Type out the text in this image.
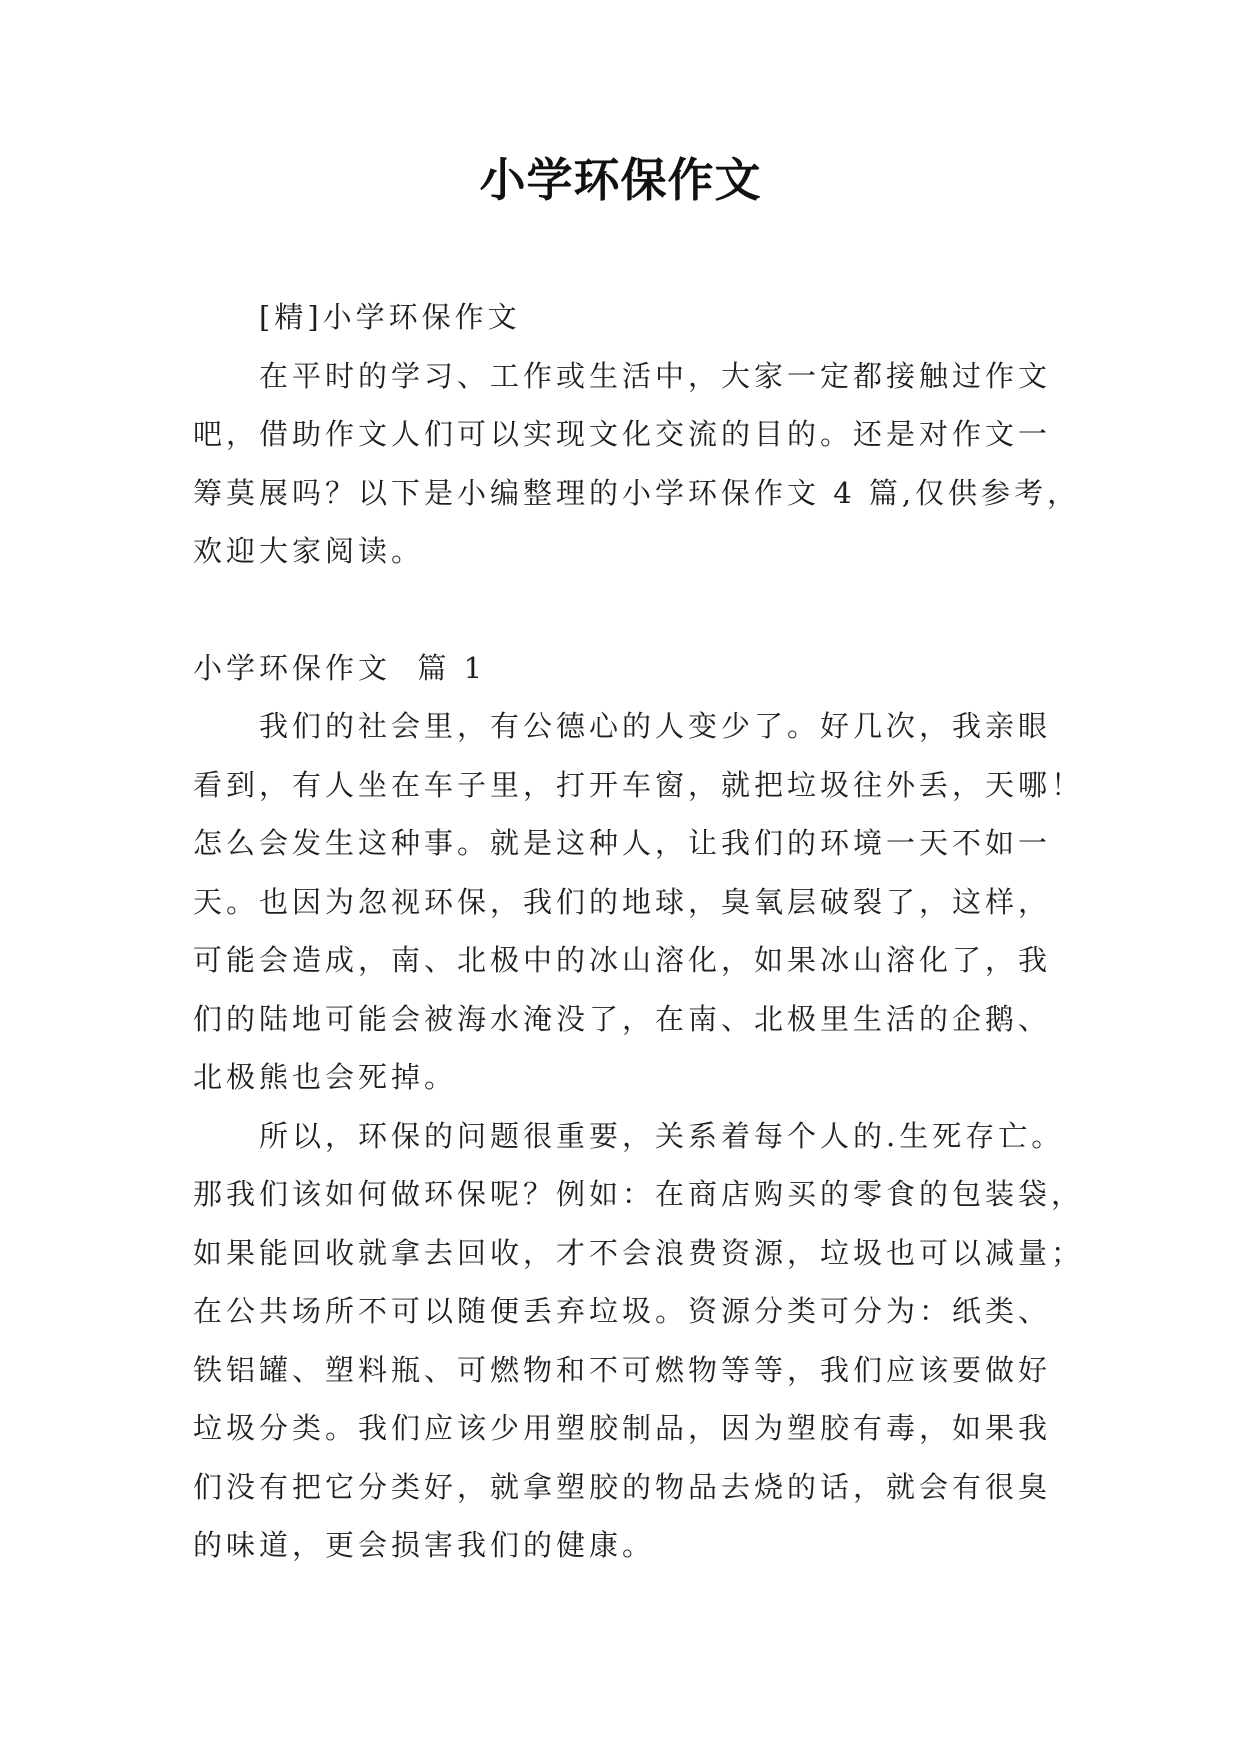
小学环保作文
[精]小学环保作文
在平时的学习、工作或生活中，大家一定都接触过作文
吧，借助作文人们可以实现文化交流的目的。还是对作文一
筹莫展吗？以下是小编整理的小学环保作文 4 篇,仅供参考，
欢迎大家阅读。
小学环保作文  篇 1
我们的社会里，有公德心的人变少了。好几次，我亲眼
看到，有人坐在车子里，打开车窗，就把垃圾往外丢，天哪！
怎么会发生这种事。就是这种人，让我们的环境一天不如一
天。也因为忽视环保，我们的地球，臭氧层破裂了，这样，
可能会造成，南、北极中的冰山溶化，如果冰山溶化了，我
们的陆地可能会被海水淹没了，在南、北极里生活的企鹅、
北极熊也会死掉。
所以，环保的问题很重要，关系着每个人的.生死存亡。
那我们该如何做环保呢？例如：在商店购买的零食的包装袋，
如果能回收就拿去回收，才不会浪费资源，垃圾也可以减量；
在公共场所不可以随便丢弃垃圾。资源分类可分为：纸类、
铁铝罐、塑料瓶、可燃物和不可燃物等等，我们应该要做好
垃圾分类。我们应该少用塑胶制品，因为塑胶有毒，如果我
们没有把它分类好，就拿塑胶的物品去烧的话，就会有很臭
的味道，更会损害我们的健康。
